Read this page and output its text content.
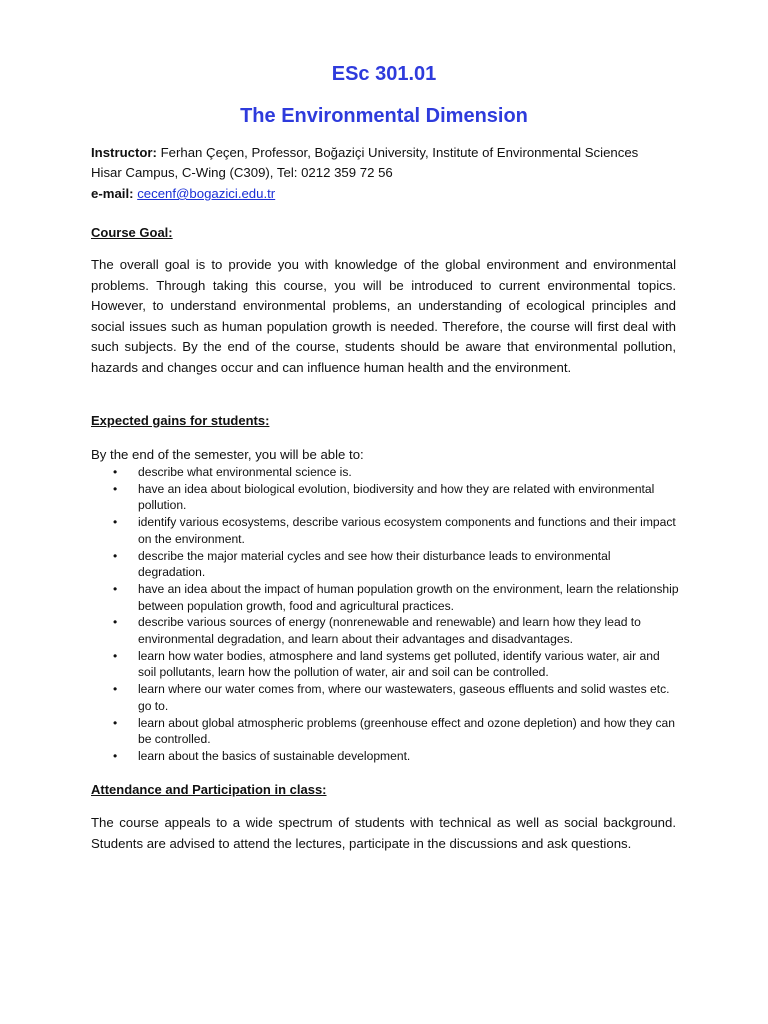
ESc 301.01
The Environmental Dimension

Instructor: Ferhan Çeçen, Professor, Boğaziçi University, Institute of Environmental Sciences

Hisar Campus, C-Wing (C309), Tel: 0212 359 72 56

e-mail: cecenf@bogazici.edu.tr

Course Goal:

The overall goal is to provide you with knowledge of the global environment and environmental problems. Through taking this course, you will be introduced to current environmental topics. However, to understand environmental problems, an understanding of ecological principles and social issues such as human population growth is needed. Therefore, the course will first deal with such subjects. By the end of the course, students should be aware that environmental pollution, hazards and changes occur and can influence human health and the environment.

Expected gains for students:

By the end of the semester, you will be able to:

• describe what environmental science is.
• have an idea about biological evolution, biodiversity and how they are related with environmental pollution.
• identify various ecosystems, describe various ecosystem components and functions and their impact on the environment.
• describe the major material cycles and see how their disturbance leads to environmental degradation.
• have an idea about the impact of human population growth on the environment, learn the relationship between population growth, food and agricultural practices.
• describe various sources of energy (nonrenewable and renewable) and learn how they lead to environmental degradation, and learn about their advantages and disadvantages.
• learn how water bodies, atmosphere and land systems get polluted, identify various water, air and soil pollutants, learn how the pollution of water, air and soil can be controlled.
• learn where our water comes from, where our wastewaters, gaseous effluents and solid wastes etc. go to.
• learn about global atmospheric problems (greenhouse effect and ozone depletion) and how they can be controlled.
• learn about the basics of sustainable development.

Attendance and Participation in class:

The course appeals to a wide spectrum of students with technical as well as social background. Students are advised to attend the lectures, participate in the discussions and ask questions.
